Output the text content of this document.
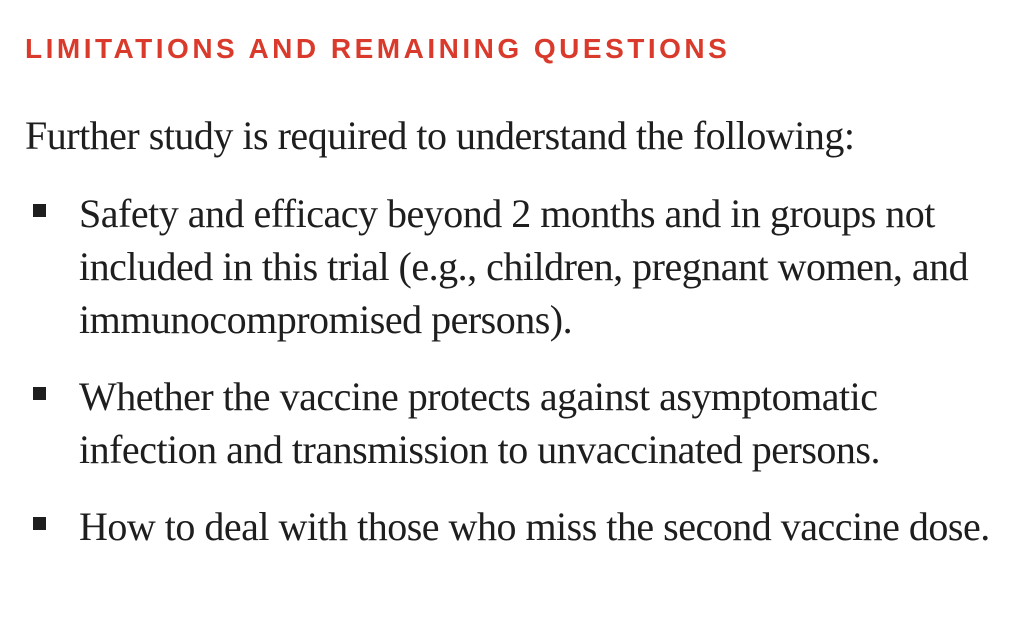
LIMITATIONS AND REMAINING QUESTIONS

Further study is required to understand the following:

Safety and efficacy beyond 2 months and in groups not included in this trial (e.g., children, pregnant women, and immunocompromised persons).
Whether the vaccine protects against asymptomatic infection and transmission to unvaccinated persons.
How to deal with those who miss the second vaccine dose.
